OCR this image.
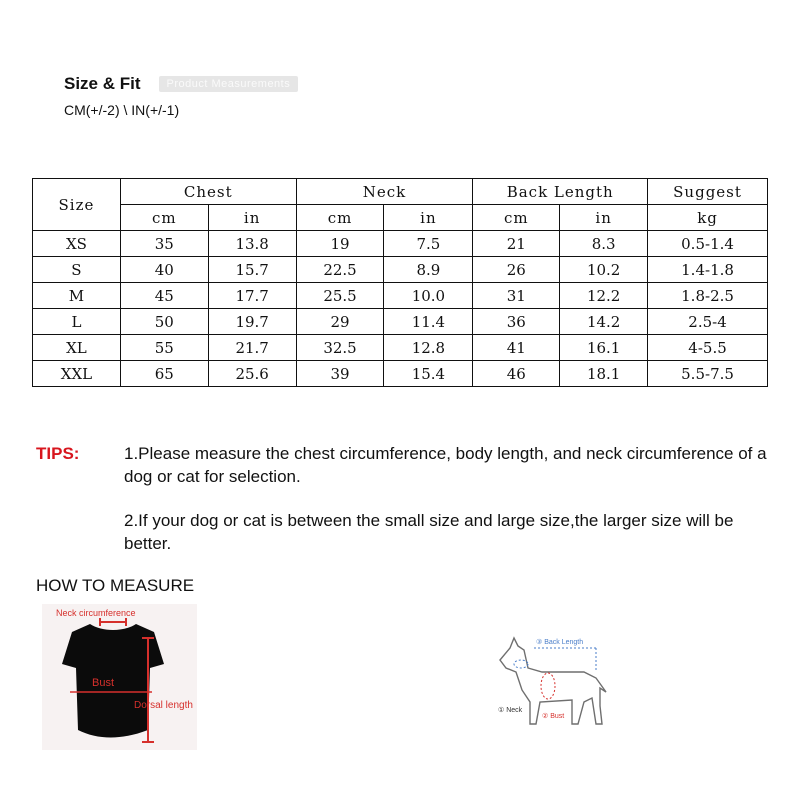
Size & Fit	Product Measurements
CM(+/-2) \ IN(+/-1)
Size	Chest		Neck		Back Length		Suggest
	cm	in	cm	in	cm	in	kg
XS	35	13.8	19	7.5	21	8.3	0.5-1.4
S	40	15.7	22.5	8.9	26	10.2	1.4-1.8
M	45	17.7	25.5	10.0	31	12.2	1.8-2.5
L	50	19.7	29	11.4	36	14.2	2.5-4
XL	55	21.7	32.5	12.8	41	16.1	4-5.5
XXL	65	25.6	39	15.4	46	18.1	5.5-7.5
TIPS:	1.Please measure the chest circumference, body length, and neck circumference of a dog or cat for selection.
2.If your dog or cat is between the small size and large size,the larger size will be better.
HOW TO MEASURE
Neck circumference
Bust
Dorsal length
③ Back Length
① Neck
② Bust
